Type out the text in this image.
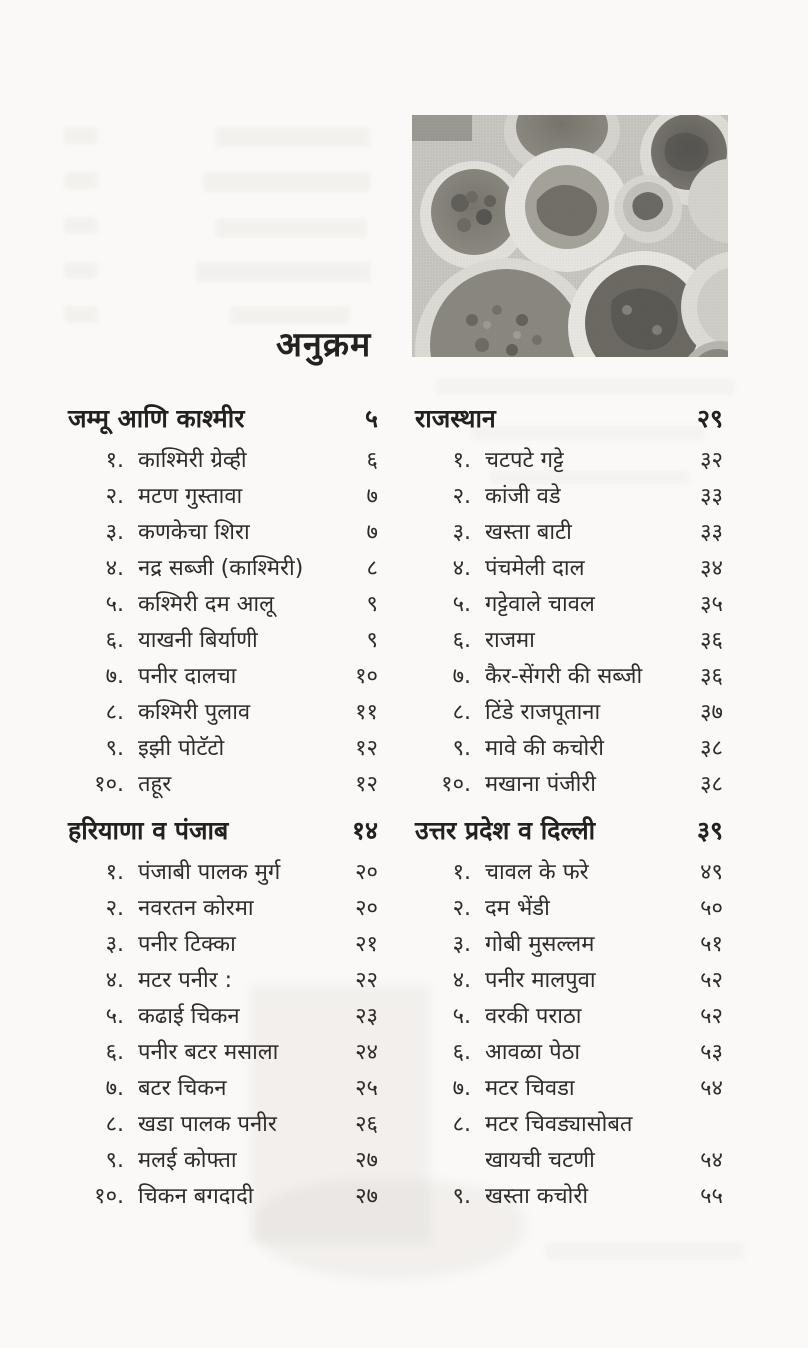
अनुक्रम
जम्मू आणि काश्मीर	५
१. काश्मिरी ग्रेव्ही	६
२. मटण गुस्तावा	७
३. कणकेचा शिरा	७
४. नद्र सब्जी (काश्मिरी)	८
५. कश्मिरी दम आलू	९
६. याखनी बिर्याणी	९
७. पनीर दालचा	१०
८. कश्मिरी पुलाव	११
९. इझी पोटॅटो	१२
१०. तहूर	१२
हरियाणा व पंजाब	१४
१. पंजाबी पालक मुर्ग	२०
२. नवरतन कोरमा	२०
३. पनीर टिक्का	२१
४. मटर पनीर :	२२
५. कढाई चिकन	२३
६. पनीर बटर मसाला	२४
७. बटर चिकन	२५
८. खडा पालक पनीर	२६
९. मलई कोफ्ता	२७
१०. चिकन बगदादी	२७
राजस्थान	२९
१. चटपटे गट्टे	३२
२. कांजी वडे	३३
३. खस्ता बाटी	३३
४. पंचमेली दाल	३४
५. गट्टेवाले चावल	३५
६. राजमा	३६
७. कैर-सेंगरी की सब्जी	३६
८. टिंडे राजपूताना	३७
९. मावे की कचोरी	३८
१०. मखाना पंजीरी	३८
उत्तर प्रदेश व दिल्ली	३९
१. चावल के फरे	४९
२. दम भेंडी	५०
३. गोबी मुसल्लम	५१
४. पनीर मालपुवा	५२
५. वरकी पराठा	५२
६. आवळा पेठा	५३
७. मटर चिवडा	५४
८. मटर चिवड्यासोबत
खायची चटणी	५४
९. खस्ता कचोरी	५५
